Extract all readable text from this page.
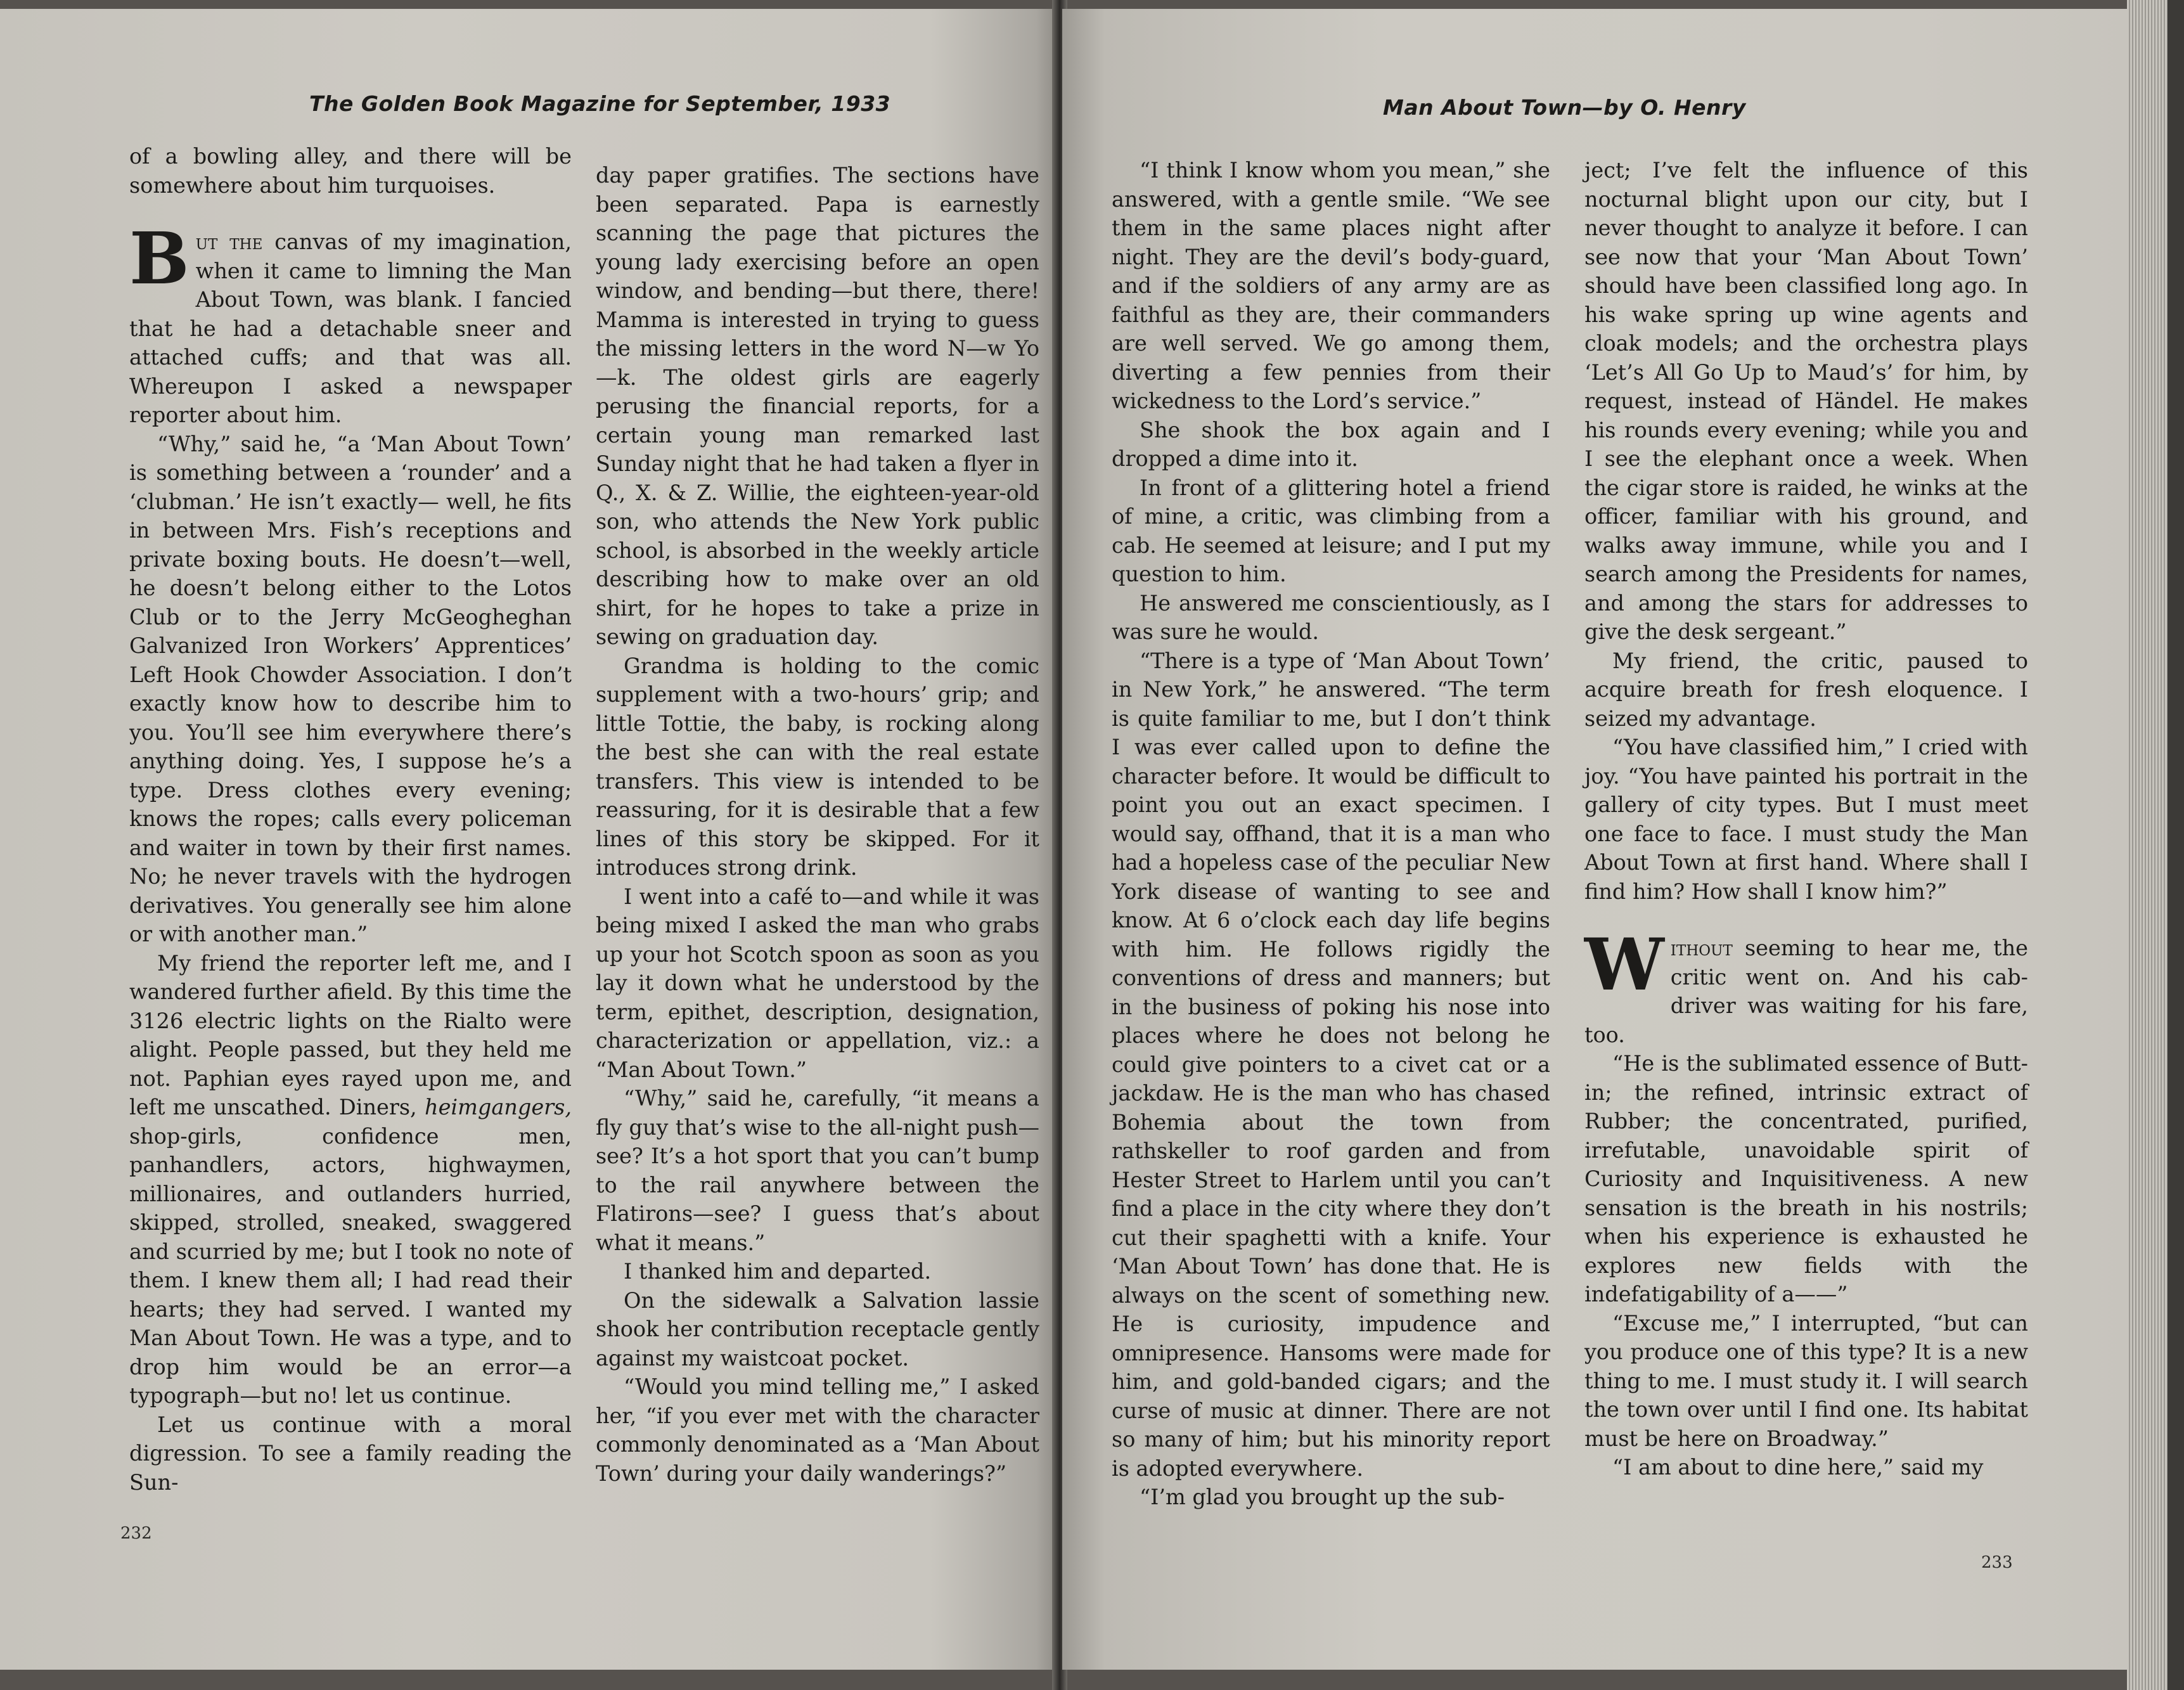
The Golden Book Magazine for September, 1933

of a bowling alley, and there will be somewhere about him turquoises.

But the canvas of my imagination, when it came to limning the Man About Town, was blank. I fancied that he had a detachable sneer and attached cuffs; and that was all. Whereupon I asked a newspaper reporter about him.

“Why,” said he, “a ‘Man About Town’ is something between a ‘rounder’ and a ‘clubman.’ He isn’t exactly— well, he fits in between Mrs. Fish’s receptions and private boxing bouts. He doesn’t—well, he doesn’t belong either to the Lotos Club or to the Jerry McGeogheghan Galvanized Iron Workers’ Apprentices’ Left Hook Chowder Association. I don’t exactly know how to describe him to you. You’ll see him everywhere there’s anything doing. Yes, I suppose he’s a type. Dress clothes every evening; knows the ropes; calls every policeman and waiter in town by their first names. No; he never travels with the hydrogen derivatives. You generally see him alone or with another man.”

My friend the reporter left me, and I wandered further afield. By this time the 3126 electric lights on the Rialto were alight. People passed, but they held me not. Paphian eyes rayed upon me, and left me unscathed. Diners, heimgangers, shop-girls, confidence men, panhandlers, actors, highwaymen, millionaires, and outlanders hurried, skipped, strolled, sneaked, swaggered and scurried by me; but I took no note of them. I knew them all; I had read their hearts; they had served. I wanted my Man About Town. He was a type, and to drop him would be an error—a typograph—but no! let us continue.

Let us continue with a moral digression. To see a family reading the Sun-

day paper gratifies. The sections have been separated. Papa is earnestly scanning the page that pictures the young lady exercising before an open window, and bending—but there, there! Mamma is interested in trying to guess the missing letters in the word N—w Yo—k. The oldest girls are eagerly perusing the financial reports, for a certain young man remarked last Sunday night that he had taken a flyer in Q., X. & Z. Willie, the eighteen-year-old son, who attends the New York public school, is absorbed in the weekly article describing how to make over an old shirt, for he hopes to take a prize in sewing on graduation day.

Grandma is holding to the comic supplement with a two-hours’ grip; and little Tottie, the baby, is rocking along the best she can with the real estate transfers. This view is intended to be reassuring, for it is desirable that a few lines of this story be skipped. For it introduces strong drink.

I went into a café to—and while it was being mixed I asked the man who grabs up your hot Scotch spoon as soon as you lay it down what he understood by the term, epithet, description, designation, characterization or appellation, viz.: a “Man About Town.”

“Why,” said he, carefully, “it means a fly guy that’s wise to the all-night push—see? It’s a hot sport that you can’t bump to the rail anywhere between the Flatirons—see? I guess that’s about what it means.”

I thanked him and departed.

On the sidewalk a Salvation lassie shook her contribution receptacle gently against my waistcoat pocket.

“Would you mind telling me,” I asked her, “if you ever met with the character commonly denominated as a ‘Man About Town’ during your daily wanderings?”

232
Man About Town—by O. Henry

“I think I know whom you mean,” she answered, with a gentle smile. “We see them in the same places night after night. They are the devil’s body-guard, and if the soldiers of any army are as faithful as they are, their commanders are well served. We go among them, diverting a few pennies from their wickedness to the Lord’s service.”

She shook the box again and I dropped a dime into it.

In front of a glittering hotel a friend of mine, a critic, was climbing from a cab. He seemed at leisure; and I put my question to him.

He answered me conscientiously, as I was sure he would.

“There is a type of ‘Man About Town’ in New York,” he answered. “The term is quite familiar to me, but I don’t think I was ever called upon to define the character before. It would be difficult to point you out an exact specimen. I would say, offhand, that it is a man who had a hopeless case of the peculiar New York disease of wanting to see and know. At 6 o’clock each day life begins with him. He follows rigidly the conventions of dress and manners; but in the business of poking his nose into places where he does not belong he could give pointers to a civet cat or a jackdaw. He is the man who has chased Bohemia about the town from rathskeller to roof garden and from Hester Street to Harlem until you can’t find a place in the city where they don’t cut their spaghetti with a knife. Your ‘Man About Town’ has done that. He is always on the scent of something new. He is curiosity, impudence and omnipresence. Hansoms were made for him, and gold-banded cigars; and the curse of music at dinner. There are not so many of him; but his minority report is adopted everywhere.

“I’m glad you brought up the sub-

ject; I’ve felt the influence of this nocturnal blight upon our city, but I never thought to analyze it before. I can see now that your ‘Man About Town’ should have been classified long ago. In his wake spring up wine agents and cloak models; and the orchestra plays ‘Let’s All Go Up to Maud’s’ for him, by request, instead of Händel. He makes his rounds every evening; while you and I see the elephant once a week. When the cigar store is raided, he winks at the officer, familiar with his ground, and walks away immune, while you and I search among the Presidents for names, and among the stars for addresses to give the desk sergeant.”

My friend, the critic, paused to acquire breath for fresh eloquence. I seized my advantage.

“You have classified him,” I cried with joy. “You have painted his portrait in the gallery of city types. But I must meet one face to face. I must study the Man About Town at first hand. Where shall I find him? How shall I know him?”

Without seeming to hear me, the critic went on. And his cab-driver was waiting for his fare, too.

“He is the sublimated essence of Butt-in; the refined, intrinsic extract of Rubber; the concentrated, purified, irrefutable, unavoidable spirit of Curiosity and Inquisitiveness. A new sensation is the breath in his nostrils; when his experience is exhausted he explores new fields with the indefatigability of a——”

“Excuse me,” I interrupted, “but can you produce one of this type? It is a new thing to me. I must study it. I will search the town over until I find one. Its habitat must be here on Broadway.”

“I am about to dine here,” said my

233
